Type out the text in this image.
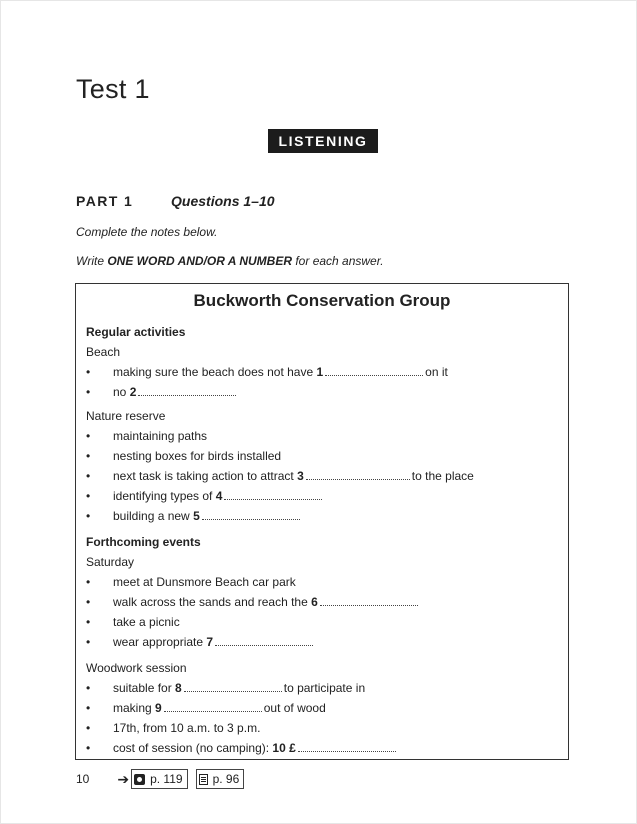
Test 1
LISTENING
PART 1	Questions 1–10
Complete the notes below.
Write ONE WORD AND/OR A NUMBER for each answer.
Buckworth Conservation Group
Regular activities
Beach
• making sure the beach does not have 1	on it
• no 2
Nature reserve
• maintaining paths
• nesting boxes for birds installed
• next task is taking action to attract 3	to the place
• identifying types of 4
• building a new 5
Forthcoming events
Saturday
• meet at Dunsmore Beach car park
• walk across the sands and reach the 6
• take a picnic
• wear appropriate 7
Woodwork session
• suitable for 8	to participate in
• making 9	out of wood
• 17th, from 10 a.m. to 3 p.m.
• cost of session (no camping): 10 £
10 ➔ p. 119	p. 96
